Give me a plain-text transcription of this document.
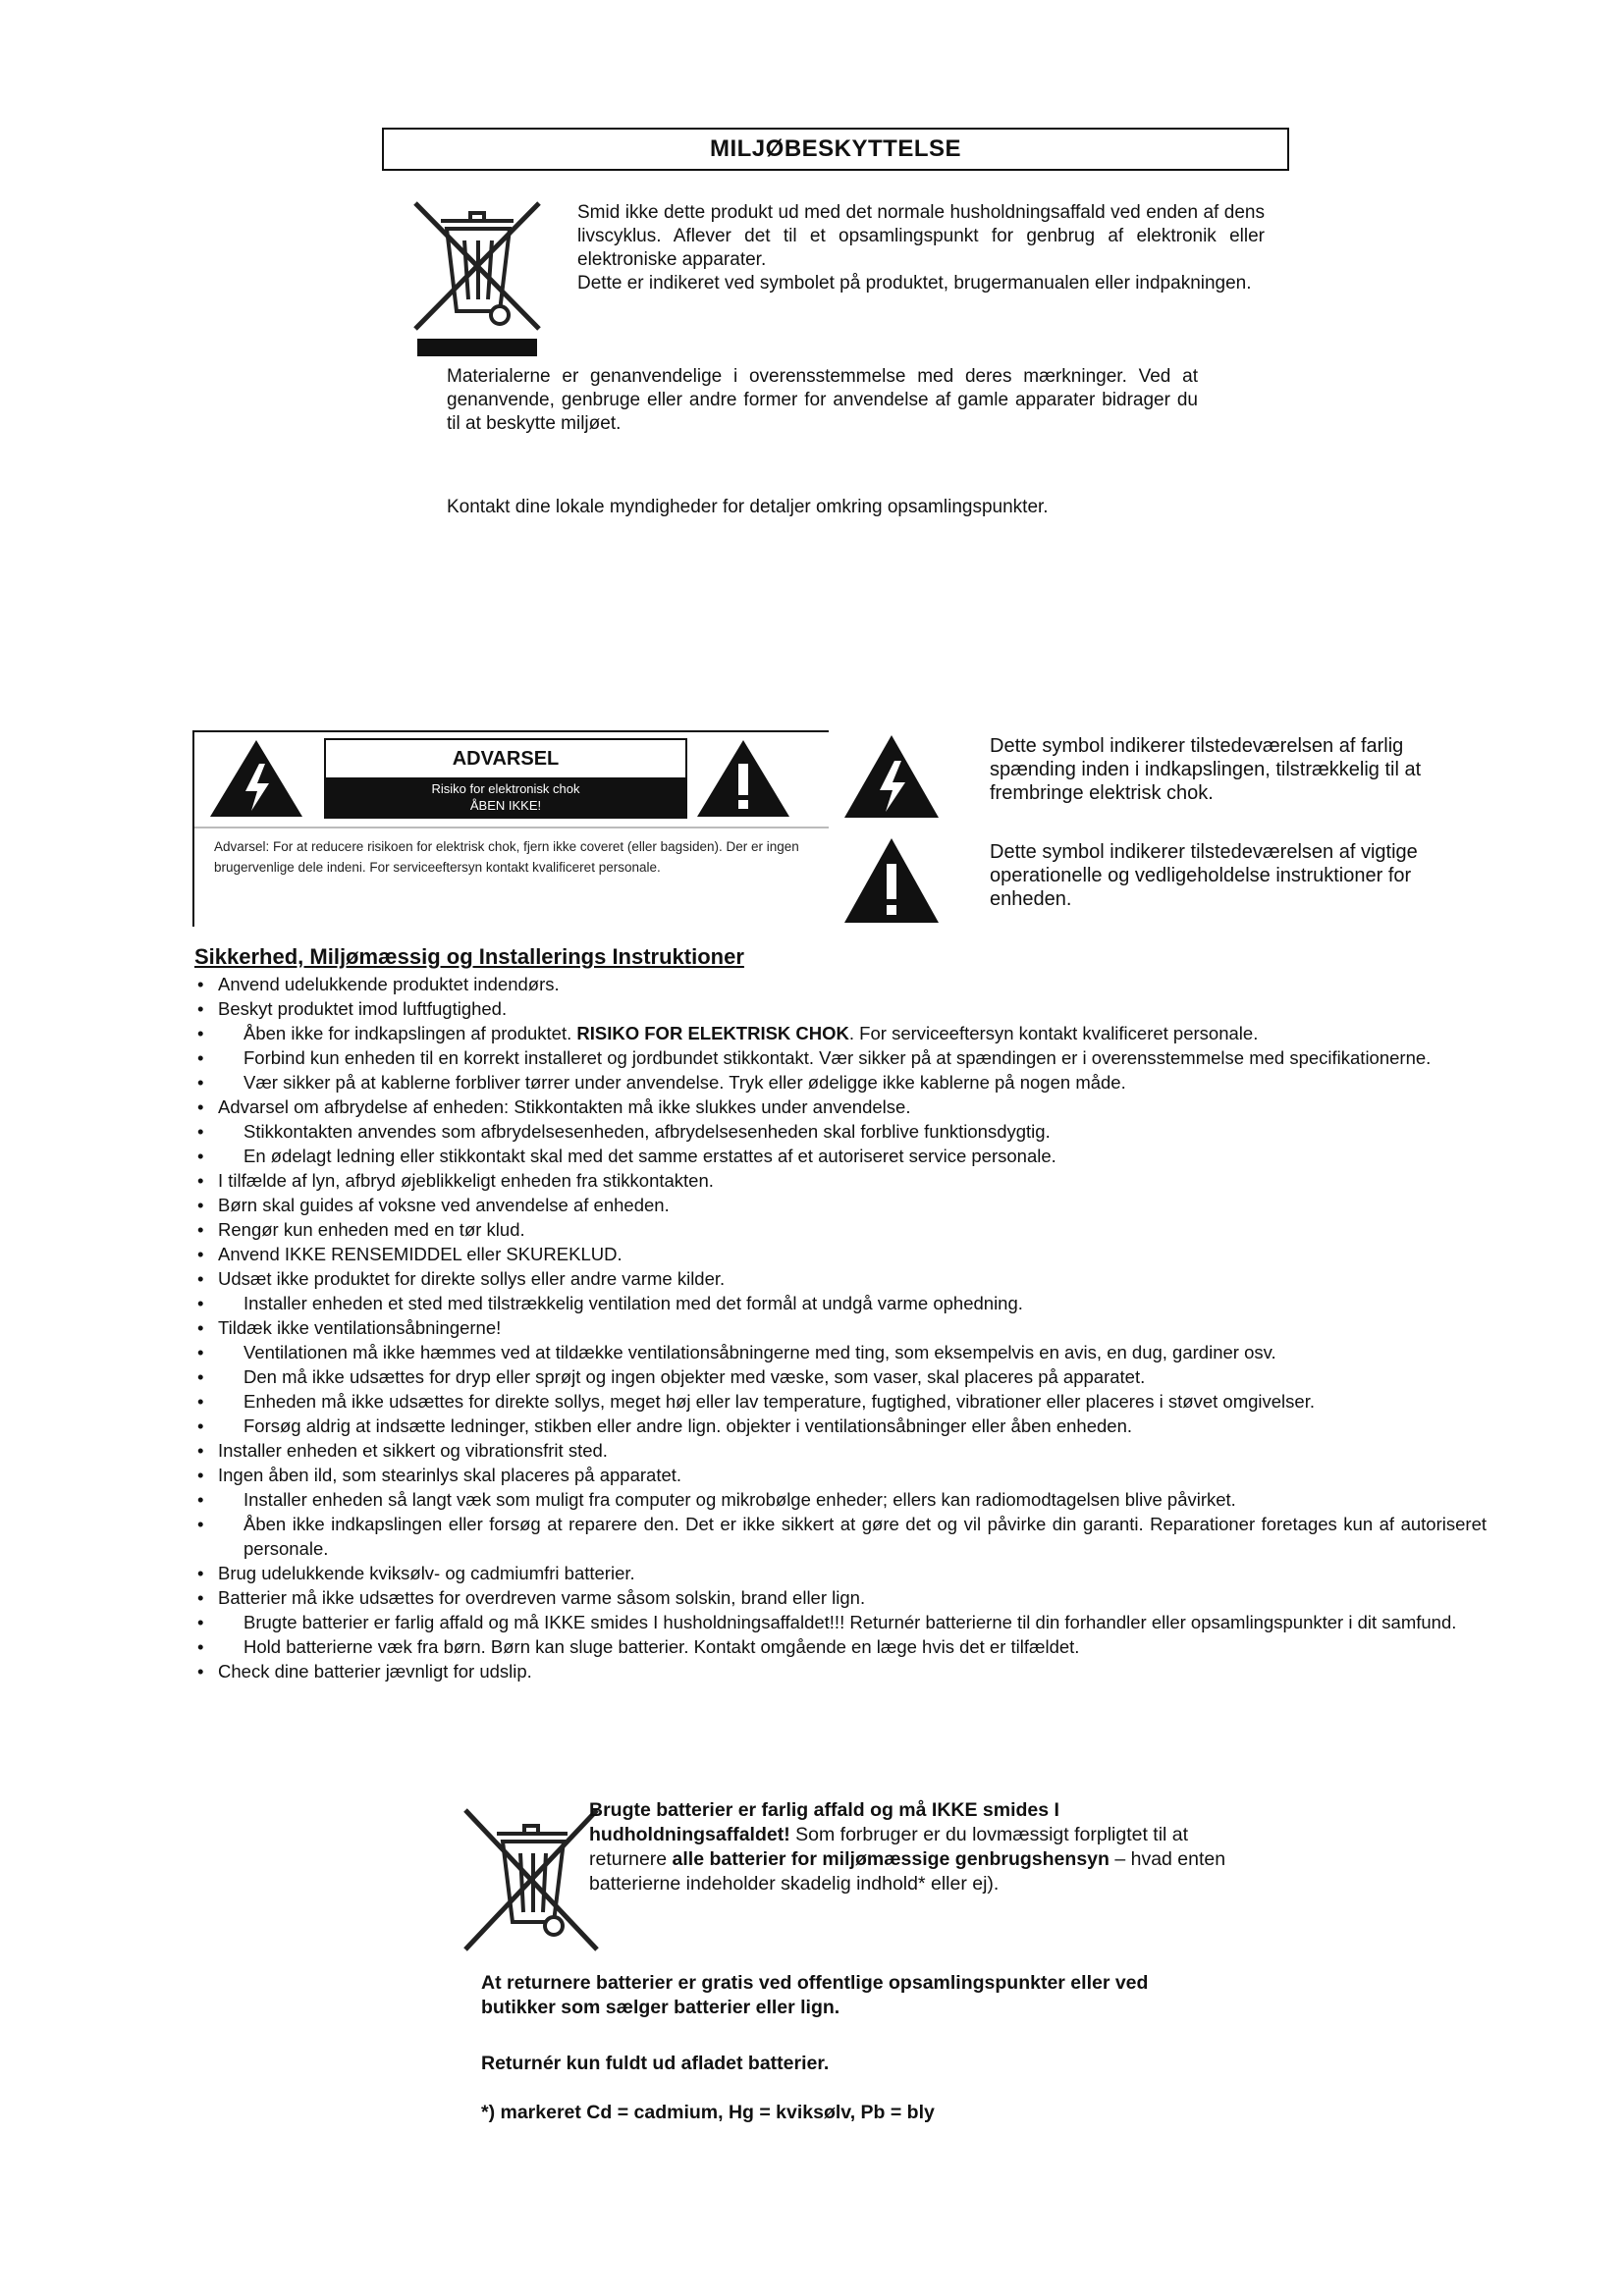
MILJØBESKYTTELSE

Smid ikke dette produkt ud med det normale husholdningsaffald ved enden af dens livscyklus. Aflever det til et opsamlingspunkt for genbrug af elektronik eller elektroniske apparater.

Dette er indikeret ved symbolet på produktet, brugermanualen eller indpakningen.

Materialerne er genanvendelige i overensstemmelse med deres mærkninger. Ved at genanvende, genbruge eller andre former for anvendelse af gamle apparater bidrager du til at beskytte miljøet.
Kontakt dine lokale myndigheder for detaljer omkring opsamlingspunkter.
ADVARSEL
Risiko for elektronisk chok
ÅBEN IKKE!
Advarsel: For at reducere risikoen for elektrisk chok, fjern ikke coveret (eller bagsiden). Der er ingen brugervenlige dele indeni. For serviceeftersyn kontakt kvalificeret personale.
Dette symbol indikerer tilstedeværelsen af farlig spænding inden i indkapslingen, tilstrækkelig til at frembringe elektrisk chok.
Dette symbol indikerer tilstedeværelsen af vigtige operationelle og vedligeholdelse instruktioner for enheden.
Sikkerhed, Miljømæssig og Installerings Instruktioner
• Anvend udelukkende produktet indendørs.
• Beskyt produktet imod luftfugtighed.
• Åben ikke for indkapslingen af produktet. RISIKO FOR ELEKTRISK CHOK. For serviceeftersyn kontakt kvalificeret personale.
• Forbind kun enheden til en korrekt installeret og jordbundet stikkontakt. Vær sikker på at spændingen er i overensstemmelse med specifikationerne.
• Vær sikker på at kablerne forbliver tørrer under anvendelse. Tryk eller ødeligge ikke kablerne på nogen måde.
• Advarsel om afbrydelse af enheden: Stikkontakten må ikke slukkes under anvendelse.
• Stikkontakten anvendes som afbrydelsesenheden, afbrydelsesenheden skal forblive funktionsdygtig.
• En ødelagt ledning eller stikkontakt skal med det samme erstattes af et autoriseret service personale.
• I tilfælde af lyn, afbryd øjeblikkeligt enheden fra stikkontakten.
• Børn skal guides af voksne ved anvendelse af enheden.
• Rengør kun enheden med en tør klud.
• Anvend IKKE RENSEMIDDEL eller SKUREKLUD.
• Udsæt ikke produktet for direkte sollys eller andre varme kilder.
• Installer enheden et sted med tilstrækkelig ventilation med det formål at undgå varme ophedning.
• Tildæk ikke ventilationsåbningerne!
• Ventilationen må ikke hæmmes ved at tildække ventilationsåbningerne med ting, som eksempelvis en avis, en dug, gardiner osv.
• Den må ikke udsættes for dryp eller sprøjt og ingen objekter med væske, som vaser, skal placeres på apparatet.
• Enheden må ikke udsættes for direkte sollys, meget høj eller lav temperature, fugtighed, vibrationer eller placeres i støvet omgivelser.
• Forsøg aldrig at indsætte ledninger, stikben eller andre lign. objekter i ventilationsåbninger eller åben enheden.
• Installer enheden et sikkert og vibrationsfrit sted.
• Ingen åben ild, som stearinlys skal placeres på apparatet.
• Installer enheden så langt væk som muligt fra computer og mikrobølge enheder; ellers kan radiomodtagelsen blive påvirket.
• Åben ikke indkapslingen eller forsøg at reparere den. Det er ikke sikkert at gøre det og vil påvirke din garanti. Reparationer foretages kun af autoriseret personale.
• Brug udelukkende kviksølv- og cadmiumfri batterier.
• Batterier må ikke udsættes for overdreven varme såsom solskin, brand eller lign.
• Brugte batterier er farlig affald og må IKKE smides I husholdningsaffaldet!!! Returnér batterierne til din forhandler eller opsamlingspunkter i dit samfund.
• Hold batterierne væk fra børn. Børn kan sluge batterier. Kontakt omgående en læge hvis det er tilfældet.
• Check dine batterier jævnligt for udslip.
Brugte batterier er farlig affald og må IKKE smides I hudholdningsaffaldet! Som forbruger er du lovmæssigt forpligtet til at returnere alle batterier for miljømæssige genbrugshensyn – hvad enten batterierne indeholder skadelig indhold* eller ej).
At returnere batterier er gratis ved offentlige opsamlingspunkter eller ved butikker som sælger batterier eller lign.
Returnér kun fuldt ud afladet batterier.
*) markeret Cd = cadmium, Hg = kviksølv, Pb = bly
